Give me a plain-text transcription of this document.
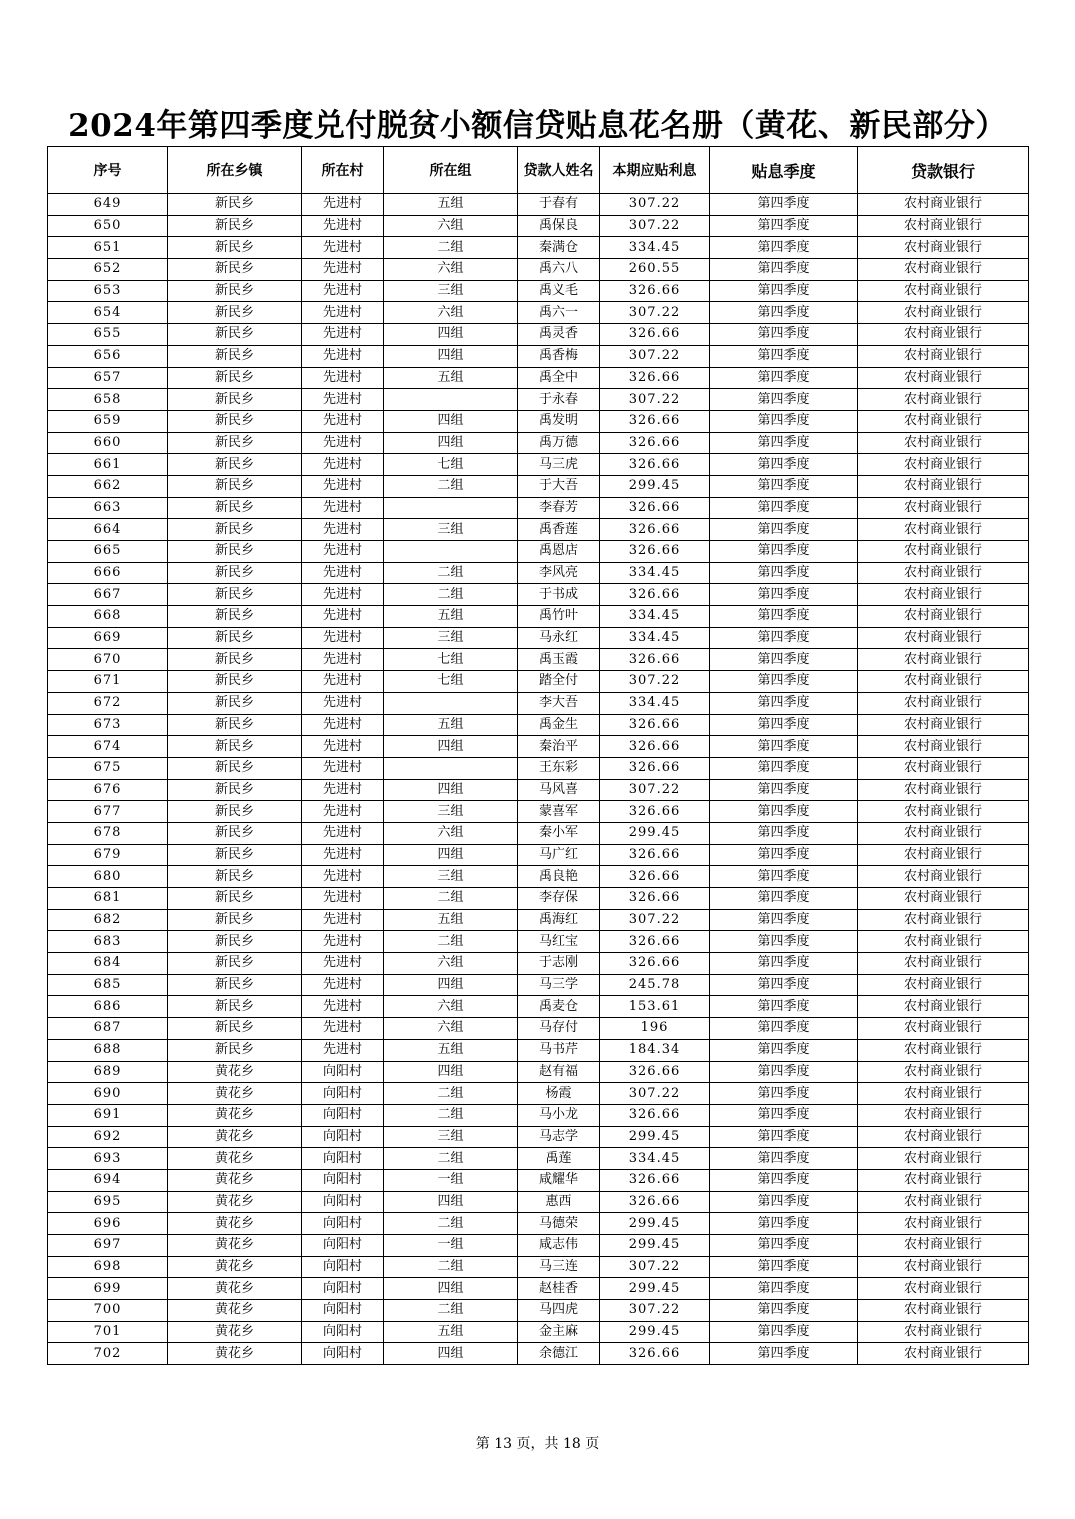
2024年第四季度兑付脱贫小额信贷贴息花名册（黄花、新民部分）
序号	所在乡镇	所在村	所在组	贷款人姓名	本期应贴利息	贴息季度	贷款银行
649	新民乡	先进村	五组	于春有	307.22	第四季度	农村商业银行
650	新民乡	先进村	六组	禹保良	307.22	第四季度	农村商业银行
651	新民乡	先进村	二组	秦满仓	334.45	第四季度	农村商业银行
652	新民乡	先进村	六组	禹六八	260.55	第四季度	农村商业银行
653	新民乡	先进村	三组	禹义毛	326.66	第四季度	农村商业银行
654	新民乡	先进村	六组	禹六一	307.22	第四季度	农村商业银行
655	新民乡	先进村	四组	禹灵香	326.66	第四季度	农村商业银行
656	新民乡	先进村	四组	禹香梅	307.22	第四季度	农村商业银行
657	新民乡	先进村	五组	禹全中	326.66	第四季度	农村商业银行
658	新民乡	先进村		于永春	307.22	第四季度	农村商业银行
659	新民乡	先进村	四组	禹发明	326.66	第四季度	农村商业银行
660	新民乡	先进村	四组	禹万德	326.66	第四季度	农村商业银行
661	新民乡	先进村	七组	马三虎	326.66	第四季度	农村商业银行
662	新民乡	先进村	二组	于大吾	299.45	第四季度	农村商业银行
663	新民乡	先进村		李春芳	326.66	第四季度	农村商业银行
664	新民乡	先进村	三组	禹香莲	326.66	第四季度	农村商业银行
665	新民乡	先进村		禹恩店	326.66	第四季度	农村商业银行
666	新民乡	先进村	二组	李风亮	334.45	第四季度	农村商业银行
667	新民乡	先进村	二组	于书成	326.66	第四季度	农村商业银行
668	新民乡	先进村	五组	禹竹叶	334.45	第四季度	农村商业银行
669	新民乡	先进村	三组	马永红	334.45	第四季度	农村商业银行
670	新民乡	先进村	七组	禹玉霞	326.66	第四季度	农村商业银行
671	新民乡	先进村	七组	踏全付	307.22	第四季度	农村商业银行
672	新民乡	先进村		李大吾	334.45	第四季度	农村商业银行
673	新民乡	先进村	五组	禹金生	326.66	第四季度	农村商业银行
674	新民乡	先进村	四组	秦治平	326.66	第四季度	农村商业银行
675	新民乡	先进村		王东彩	326.66	第四季度	农村商业银行
676	新民乡	先进村	四组	马风喜	307.22	第四季度	农村商业银行
677	新民乡	先进村	三组	蒙喜军	326.66	第四季度	农村商业银行
678	新民乡	先进村	六组	秦小军	299.45	第四季度	农村商业银行
679	新民乡	先进村	四组	马广红	326.66	第四季度	农村商业银行
680	新民乡	先进村	三组	禹良艳	326.66	第四季度	农村商业银行
681	新民乡	先进村	二组	李存保	326.66	第四季度	农村商业银行
682	新民乡	先进村	五组	禹海红	307.22	第四季度	农村商业银行
683	新民乡	先进村	二组	马红宝	326.66	第四季度	农村商业银行
684	新民乡	先进村	六组	于志刚	326.66	第四季度	农村商业银行
685	新民乡	先进村	四组	马三学	245.78	第四季度	农村商业银行
686	新民乡	先进村	六组	禹麦仓	153.61	第四季度	农村商业银行
687	新民乡	先进村	六组	马存付	196	第四季度	农村商业银行
688	新民乡	先进村	五组	马书芹	184.34	第四季度	农村商业银行
689	黄花乡	向阳村	四组	赵有福	326.66	第四季度	农村商业银行
690	黄花乡	向阳村	二组	杨霞	307.22	第四季度	农村商业银行
691	黄花乡	向阳村	二组	马小龙	326.66	第四季度	农村商业银行
692	黄花乡	向阳村	三组	马志学	299.45	第四季度	农村商业银行
693	黄花乡	向阳村	二组	禹莲	334.45	第四季度	农村商业银行
694	黄花乡	向阳村	一组	咸耀华	326.66	第四季度	农村商业银行
695	黄花乡	向阳村	四组	惠西	326.66	第四季度	农村商业银行
696	黄花乡	向阳村	二组	马德荣	299.45	第四季度	农村商业银行
697	黄花乡	向阳村	一组	咸志伟	299.45	第四季度	农村商业银行
698	黄花乡	向阳村	二组	马三连	307.22	第四季度	农村商业银行
699	黄花乡	向阳村	四组	赵桂香	299.45	第四季度	农村商业银行
700	黄花乡	向阳村	二组	马四虎	307.22	第四季度	农村商业银行
701	黄花乡	向阳村	五组	金主麻	299.45	第四季度	农村商业银行
702	黄花乡	向阳村	四组	余德江	326.66	第四季度	农村商业银行
第 13 页，共 18 页
